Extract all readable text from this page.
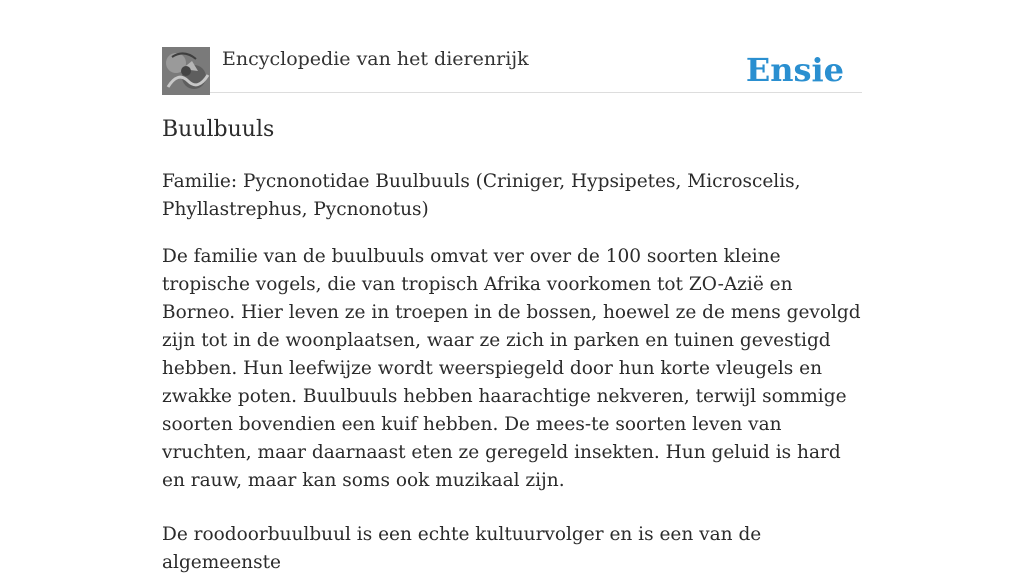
Encyclopedie van het dierenrijk	Ensie
Buulbuuls

Familie: Pycnonotidae Buulbuuls (Criniger, Hypsipetes, Microscelis, Phyllastrephus, Pycnonotus)

De familie van de buulbuuls omvat ver over de 100 soorten kleine tropische vogels, die van tropisch Afrika voorkomen tot ZO-Azië en Borneo. Hier leven ze in troepen in de bossen, hoewel ze de mens gevolgd zijn tot in de woonplaatsen, waar ze zich in parken en tuinen gevestigd hebben. Hun leefwijze wordt weerspiegeld door hun korte vleugels en zwakke poten. Buulbuuls hebben haarachtige nekveren, terwijl sommige soorten bovendien een kuif hebben. De mees-te soorten leven van vruchten, maar daarnaast eten ze geregeld insekten. Hun geluid is hard en rauw, maar kan soms ook muzikaal zijn.

De roodoorbuulbuul is een echte kultuurvolger en is een van de algemeenste
